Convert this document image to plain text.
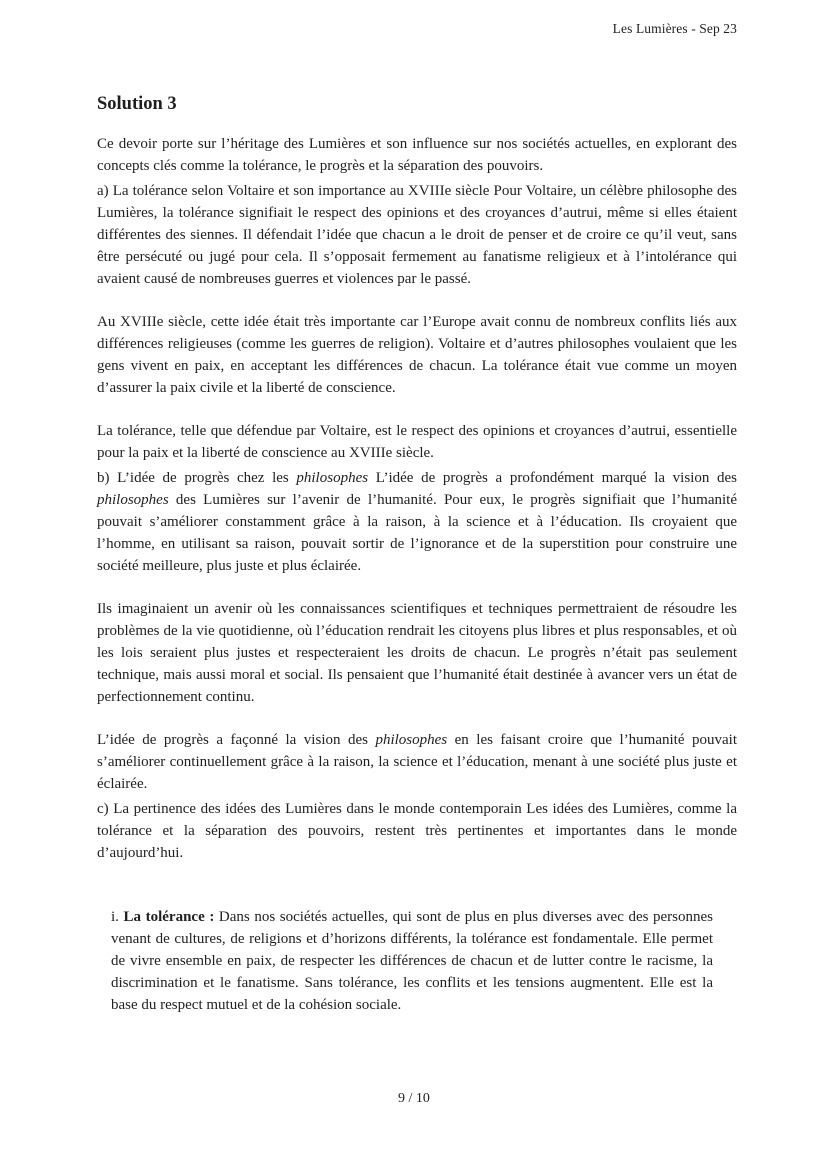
Les Lumières - Sep 23
Solution 3

Ce devoir porte sur l’héritage des Lumières et son influence sur nos sociétés actuelles, en explorant des concepts clés comme la tolérance, le progrès et la séparation des pouvoirs.

a) La tolérance selon Voltaire et son importance au XVIIIe siècle Pour Voltaire, un célèbre philosophe des Lumières, la tolérance signifiait le respect des opinions et des croyances d’autrui, même si elles étaient différentes des siennes. Il défendait l’idée que chacun a le droit de penser et de croire ce qu’il veut, sans être persécuté ou jugé pour cela. Il s’opposait fermement au fanatisme religieux et à l’intolérance qui avaient causé de nombreuses guerres et violences par le passé.

Au XVIIIe siècle, cette idée était très importante car l’Europe avait connu de nombreux conflits liés aux différences religieuses (comme les guerres de religion). Voltaire et d’autres philosophes voulaient que les gens vivent en paix, en acceptant les différences de chacun. La tolérance était vue comme un moyen d’assurer la paix civile et la liberté de conscience.

La tolérance, telle que défendue par Voltaire, est le respect des opinions et croyances d’autrui, essentielle pour la paix et la liberté de conscience au XVIIIe siècle.

b) L’idée de progrès chez les philosophes L’idée de progrès a profondément marqué la vision des philosophes des Lumières sur l’avenir de l’humanité. Pour eux, le progrès signifiait que l’humanité pouvait s’améliorer constamment grâce à la raison, à la science et à l’éducation. Ils croyaient que l’homme, en utilisant sa raison, pouvait sortir de l’ignorance et de la superstition pour construire une société meilleure, plus juste et plus éclairée.

Ils imaginaient un avenir où les connaissances scientifiques et techniques permettraient de résoudre les problèmes de la vie quotidienne, où l’éducation rendrait les citoyens plus libres et plus responsables, et où les lois seraient plus justes et respecteraient les droits de chacun. Le progrès n’était pas seulement technique, mais aussi moral et social. Ils pensaient que l’humanité était destinée à avancer vers un état de perfectionnement continu.

L’idée de progrès a façonné la vision des philosophes en les faisant croire que l’humanité pouvait s’améliorer continuellement grâce à la raison, la science et l’éducation, menant à une société plus juste et éclairée.

c) La pertinence des idées des Lumières dans le monde contemporain Les idées des Lumières, comme la tolérance et la séparation des pouvoirs, restent très pertinentes et importantes dans le monde d’aujourd’hui.

i. La tolérance : Dans nos sociétés actuelles, qui sont de plus en plus diverses avec des personnes venant de cultures, de religions et d’horizons différents, la tolérance est fondamentale. Elle permet de vivre ensemble en paix, de respecter les différences de chacun et de lutter contre le racisme, la discrimination et le fanatisme. Sans tolérance, les conflits et les tensions augmentent. Elle est la base du respect mutuel et de la cohésion sociale.

9 / 10
